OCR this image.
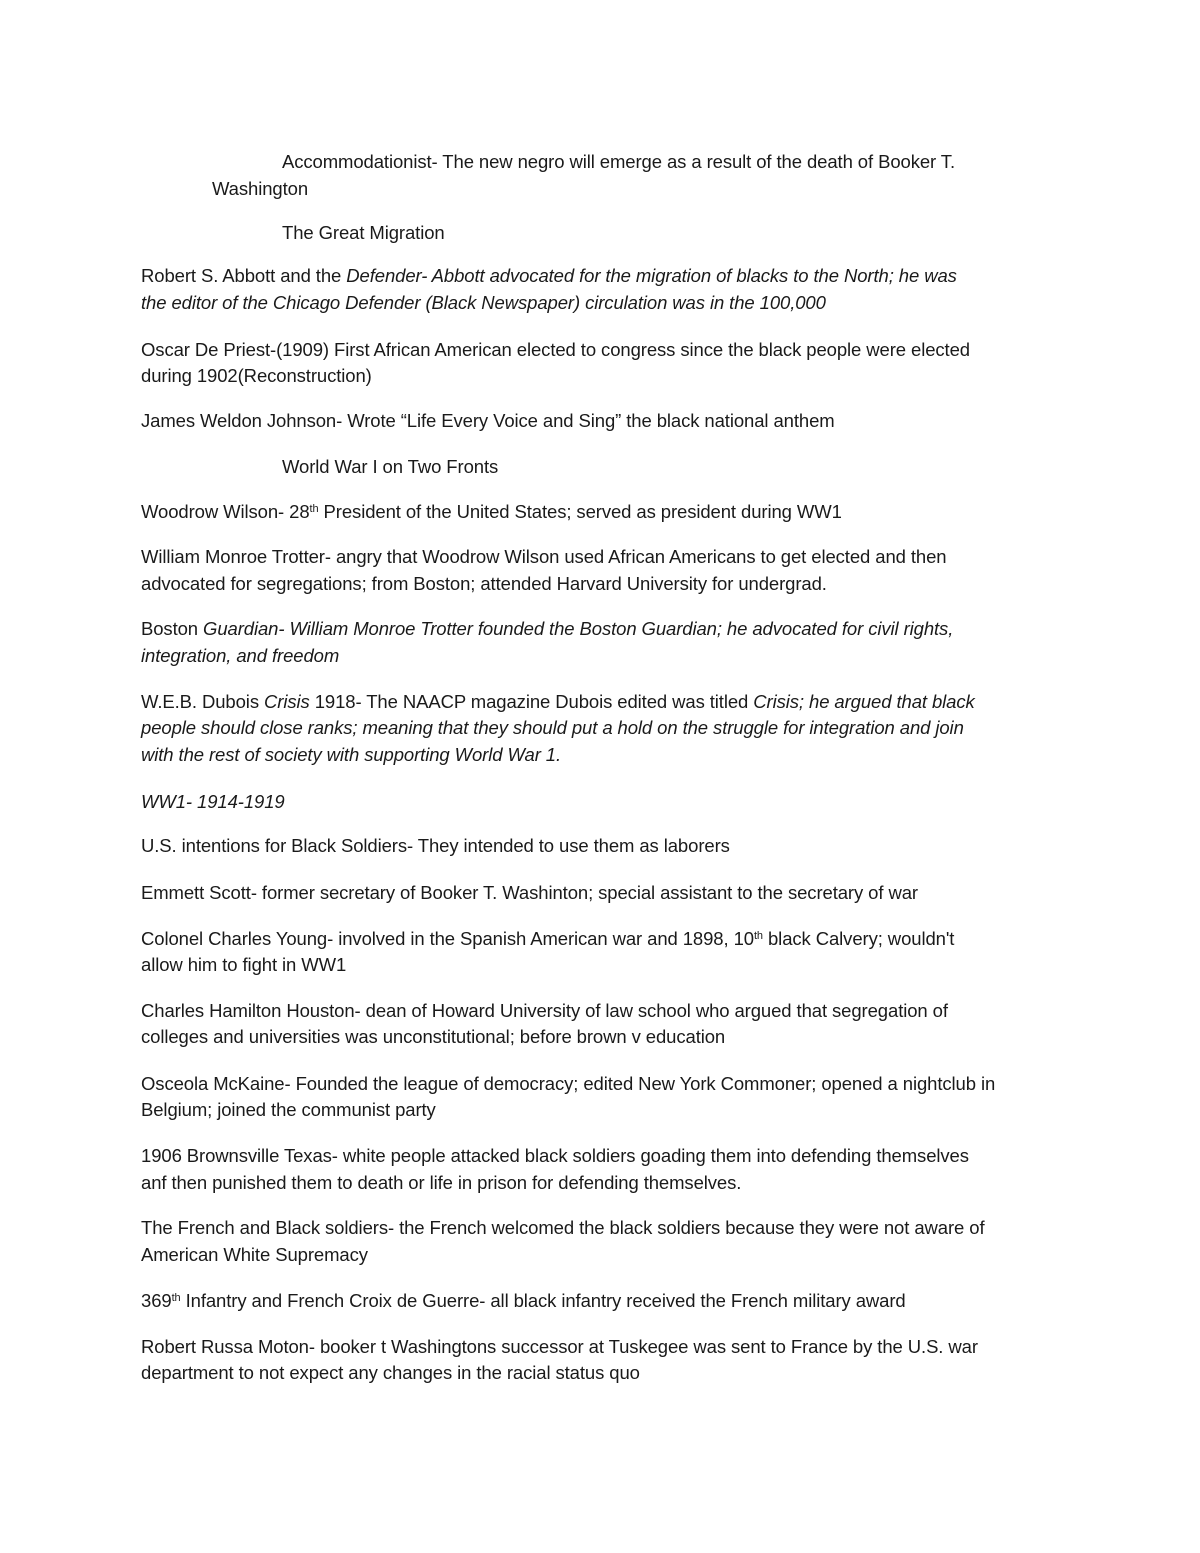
Accommodationist- The new negro will emerge as a result of the death of Booker T.
Washington
The Great Migration
Robert S. Abbott and the Defender- Abbott advocated for the migration of blacks to the North; he was
the editor of the Chicago Defender (Black Newspaper) circulation was in the 100,000
Oscar De Priest-(1909) First African American elected to congress since the black people were elected
during 1902(Reconstruction)
James Weldon Johnson- Wrote “Life Every Voice and Sing” the black national anthem
World War I on Two Fronts
Woodrow Wilson- 28th President of the United States; served as president during WW1
William Monroe Trotter- angry that Woodrow Wilson used African Americans to get elected and then
advocated for segregations; from Boston; attended Harvard University for undergrad.
Boston Guardian- William Monroe Trotter founded the Boston Guardian; he advocated for civil rights,
integration, and freedom
W.E.B. Dubois Crisis 1918- The NAACP magazine Dubois edited was titled Crisis; he argued that black
people should close ranks; meaning that they should put a hold on the struggle for integration and join
with the rest of society with supporting World War 1.
WW1- 1914-1919
U.S. intentions for Black Soldiers- They intended to use them as laborers
Emmett Scott- former secretary of Booker T. Washinton; special assistant to the secretary of war
Colonel Charles Young- involved in the Spanish American war and 1898, 10th black Calvery; wouldn't
allow him to fight in WW1
Charles Hamilton Houston- dean of Howard University of law school who argued that segregation of
colleges and universities was unconstitutional; before brown v education
Osceola McKaine- Founded the league of democracy; edited New York Commoner; opened a nightclub in
Belgium; joined the communist party
1906 Brownsville Texas- white people attacked black soldiers goading them into defending themselves
anf then punished them to death or life in prison for defending themselves.
The French and Black soldiers- the French welcomed the black soldiers because they were not aware of
American White Supremacy
369th Infantry and French Croix de Guerre- all black infantry received the French military award
Robert Russa Moton- booker t Washingtons successor at Tuskegee was sent to France by the U.S. war
department to not expect any changes in the racial status quo
